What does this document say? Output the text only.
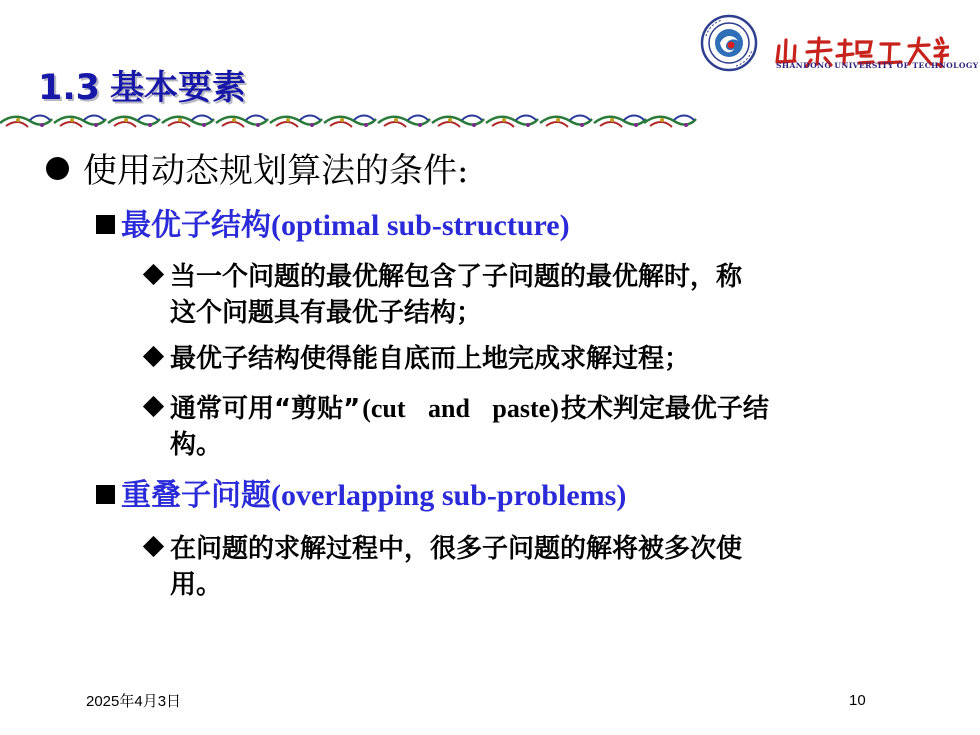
SHANDONG UNIVERSITY OF TECHNOLOGY
1.3 基本要素
使用动态规划算法的条件:
最优子结构(optimal sub-structure)
当一个问题的最优解包含了子问题的最优解时，称
这个问题具有最优子结构；
最优子结构使得能自底而上地完成求解过程；
通常可用“剪贴”(cut and paste)技术判定最优子结
构。
重叠子问题(overlapping sub-problems)
在问题的求解过程中，很多子问题的解将被多次使
用。
2025年4月3日	10
